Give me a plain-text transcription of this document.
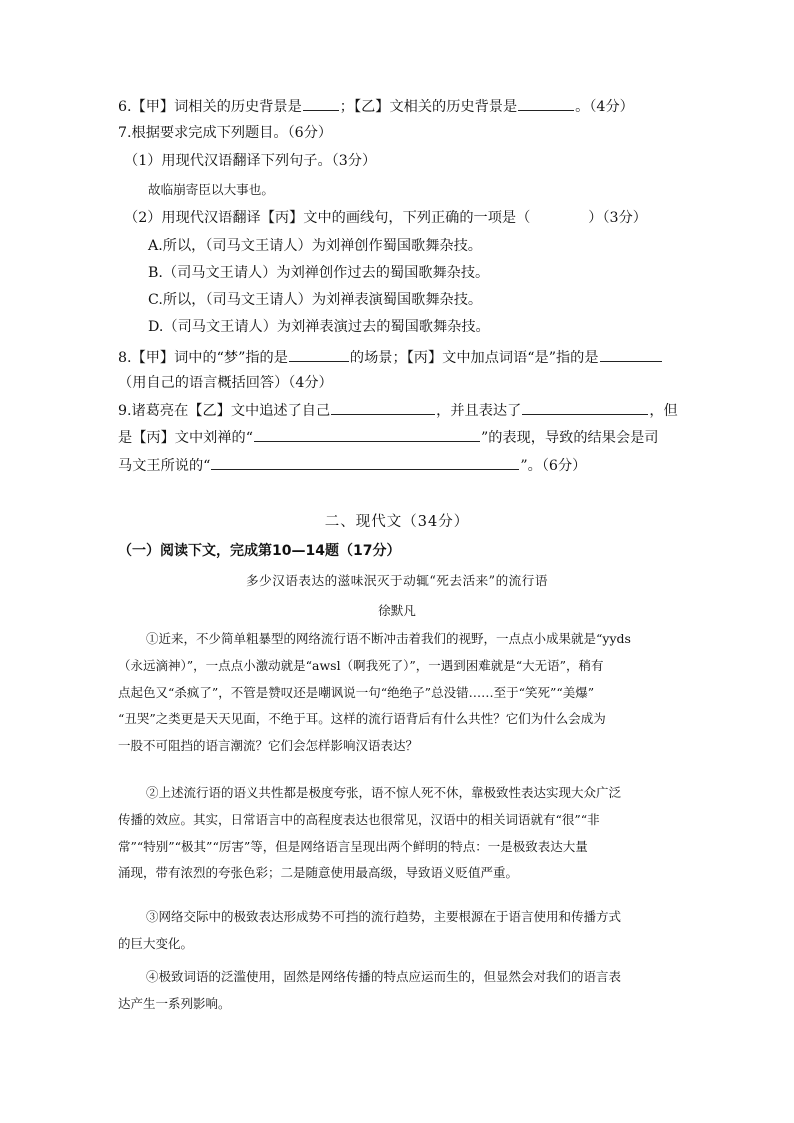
6.【甲】词相关的历史背景是	；【乙】文相关的历史背景是	。（4分）
7.根据要求完成下列题目。（6分）
（1）用现代汉语翻译下列句子。（3分）
故临崩寄臣以大事也。
（2）用现代汉语翻译【丙】文中的画线句，下列正确的一项是（	）（3分）
A.所以，（司马文王请人）为刘禅创作蜀国歌舞杂技。
B.（司马文王请人）为刘禅创作过去的蜀国歌舞杂技。
C.所以，（司马文王请人）为刘禅表演蜀国歌舞杂技。
D.（司马文王请人）为刘禅表演过去的蜀国歌舞杂技。
8.【甲】词中的“梦”指的是	的场景；【丙】文中加点词语“是”指的是
（用自己的语言概括回答）（4分）
9.诸葛亮在【乙】文中追述了自己	，并且表达了	，但
是【丙】文中刘禅的“	”的表现，导致的结果会是司
马文王所说的“	”。（6分）
二、现代文（34分）
（一）阅读下文，完成第10—14题（17分）
多少汉语表达的滋味泯灭于动辄“死去活来”的流行语
徐默凡
①近来，不少简单粗暴型的网络流行语不断冲击着我们的视野，一点点小成果就是“yyds
（永远滴神）”，一点点小激动就是“awsl（啊我死了）”，一遇到困难就是“大无语”，稍有
点起色又“杀疯了”，不管是赞叹还是嘲讽说一句“绝绝子”总没错……至于“笑死”“美爆”
“丑哭”之类更是天天见面，不绝于耳。这样的流行语背后有什么共性？它们为什么会成为
一股不可阻挡的语言潮流？它们会怎样影响汉语表达？
②上述流行语的语义共性都是极度夸张，语不惊人死不休，靠极致性表达实现大众广泛
传播的效应。其实，日常语言中的高程度表达也很常见，汉语中的相关词语就有“很”“非
常”“特别”“极其”“厉害”等，但是网络语言呈现出两个鲜明的特点：一是极致表达大量
涌现，带有浓烈的夸张色彩；二是随意使用最高级，导致语义贬值严重。
③网络交际中的极致表达形成势不可挡的流行趋势，主要根源在于语言使用和传播方式
的巨大变化。
④极致词语的泛滥使用，固然是网络传播的特点应运而生的，但显然会对我们的语言表
达产生一系列影响。
